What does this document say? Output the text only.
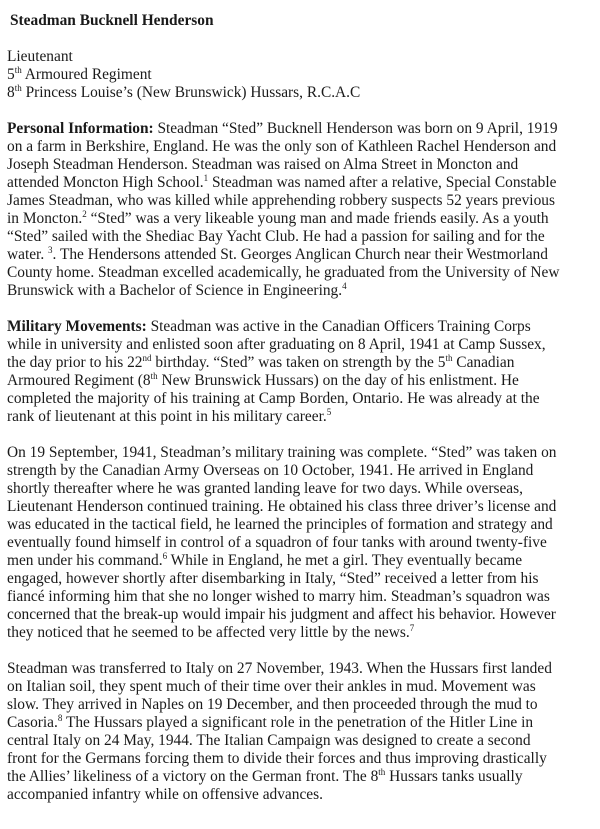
Steadman Bucknell Henderson
Lieutenant
5th Armoured Regiment
8th Princess Louise’s (New Brunswick) Hussars, R.C.A.C
Personal Information: Steadman “Sted” Bucknell Henderson was born on 9 April, 1919
on a farm in Berkshire, England. He was the only son of Kathleen Rachel Henderson and
Joseph Steadman Henderson. Steadman was raised on Alma Street in Moncton and
attended Moncton High School.$^1$ Steadman was named after a relative, Special Constable
James Steadman, who was killed while apprehending robbery suspects 52 years previous
in Moncton.$^2$ “Sted” was a very likeable young man and made friends easily. As a youth
“Sted” sailed with the Shediac Bay Yacht Club. He had a passion for sailing and for the
water. $^3$. The Hendersons attended St. Georges Anglican Church near their Westmorland
County home. Steadman excelled academically, he graduated from the University of New
Brunswick with a Bachelor of Science in Engineering.$^4$
Military Movements: Steadman was active in the Canadian Officers Training Corps
while in university and enlisted soon after graduating on 8 April, 1941 at Camp Sussex,
the day prior to his 22nd birthday. “Sted” was taken on strength by the 5th Canadian
Armoured Regiment (8th New Brunswick Hussars) on the day of his enlistment. He
completed the majority of his training at Camp Borden, Ontario. He was already at the
rank of lieutenant at this point in his military career.$^5$
On 19 September, 1941, Steadman’s military training was complete. “Sted” was taken on
strength by the Canadian Army Overseas on 10 October, 1941. He arrived in England
shortly thereafter where he was granted landing leave for two days. While overseas,
Lieutenant Henderson continued training. He obtained his class three driver’s license and
was educated in the tactical field, he learned the principles of formation and strategy and
eventually found himself in control of a squadron of four tanks with around twenty-five
men under his command.$^6$ While in England, he met a girl. They eventually became
engaged, however shortly after disembarking in Italy, “Sted” received a letter from his
fiancé informing him that she no longer wished to marry him. Steadman’s squadron was
concerned that the break-up would impair his judgment and affect his behavior. However
they noticed that he seemed to be affected very little by the news.$^7$
Steadman was transferred to Italy on 27 November, 1943. When the Hussars first landed
on Italian soil, they spent much of their time over their ankles in mud. Movement was
slow. They arrived in Naples on 19 December, and then proceeded through the mud to
Casoria.$^8$ The Hussars played a significant role in the penetration of the Hitler Line in
central Italy on 24 May, 1944. The Italian Campaign was designed to create a second
front for the Germans forcing them to divide their forces and thus improving drastically
the Allies’ likeliness of a victory on the German front. The 8th Hussars tanks usually
accompanied infantry while on offensive advances.
